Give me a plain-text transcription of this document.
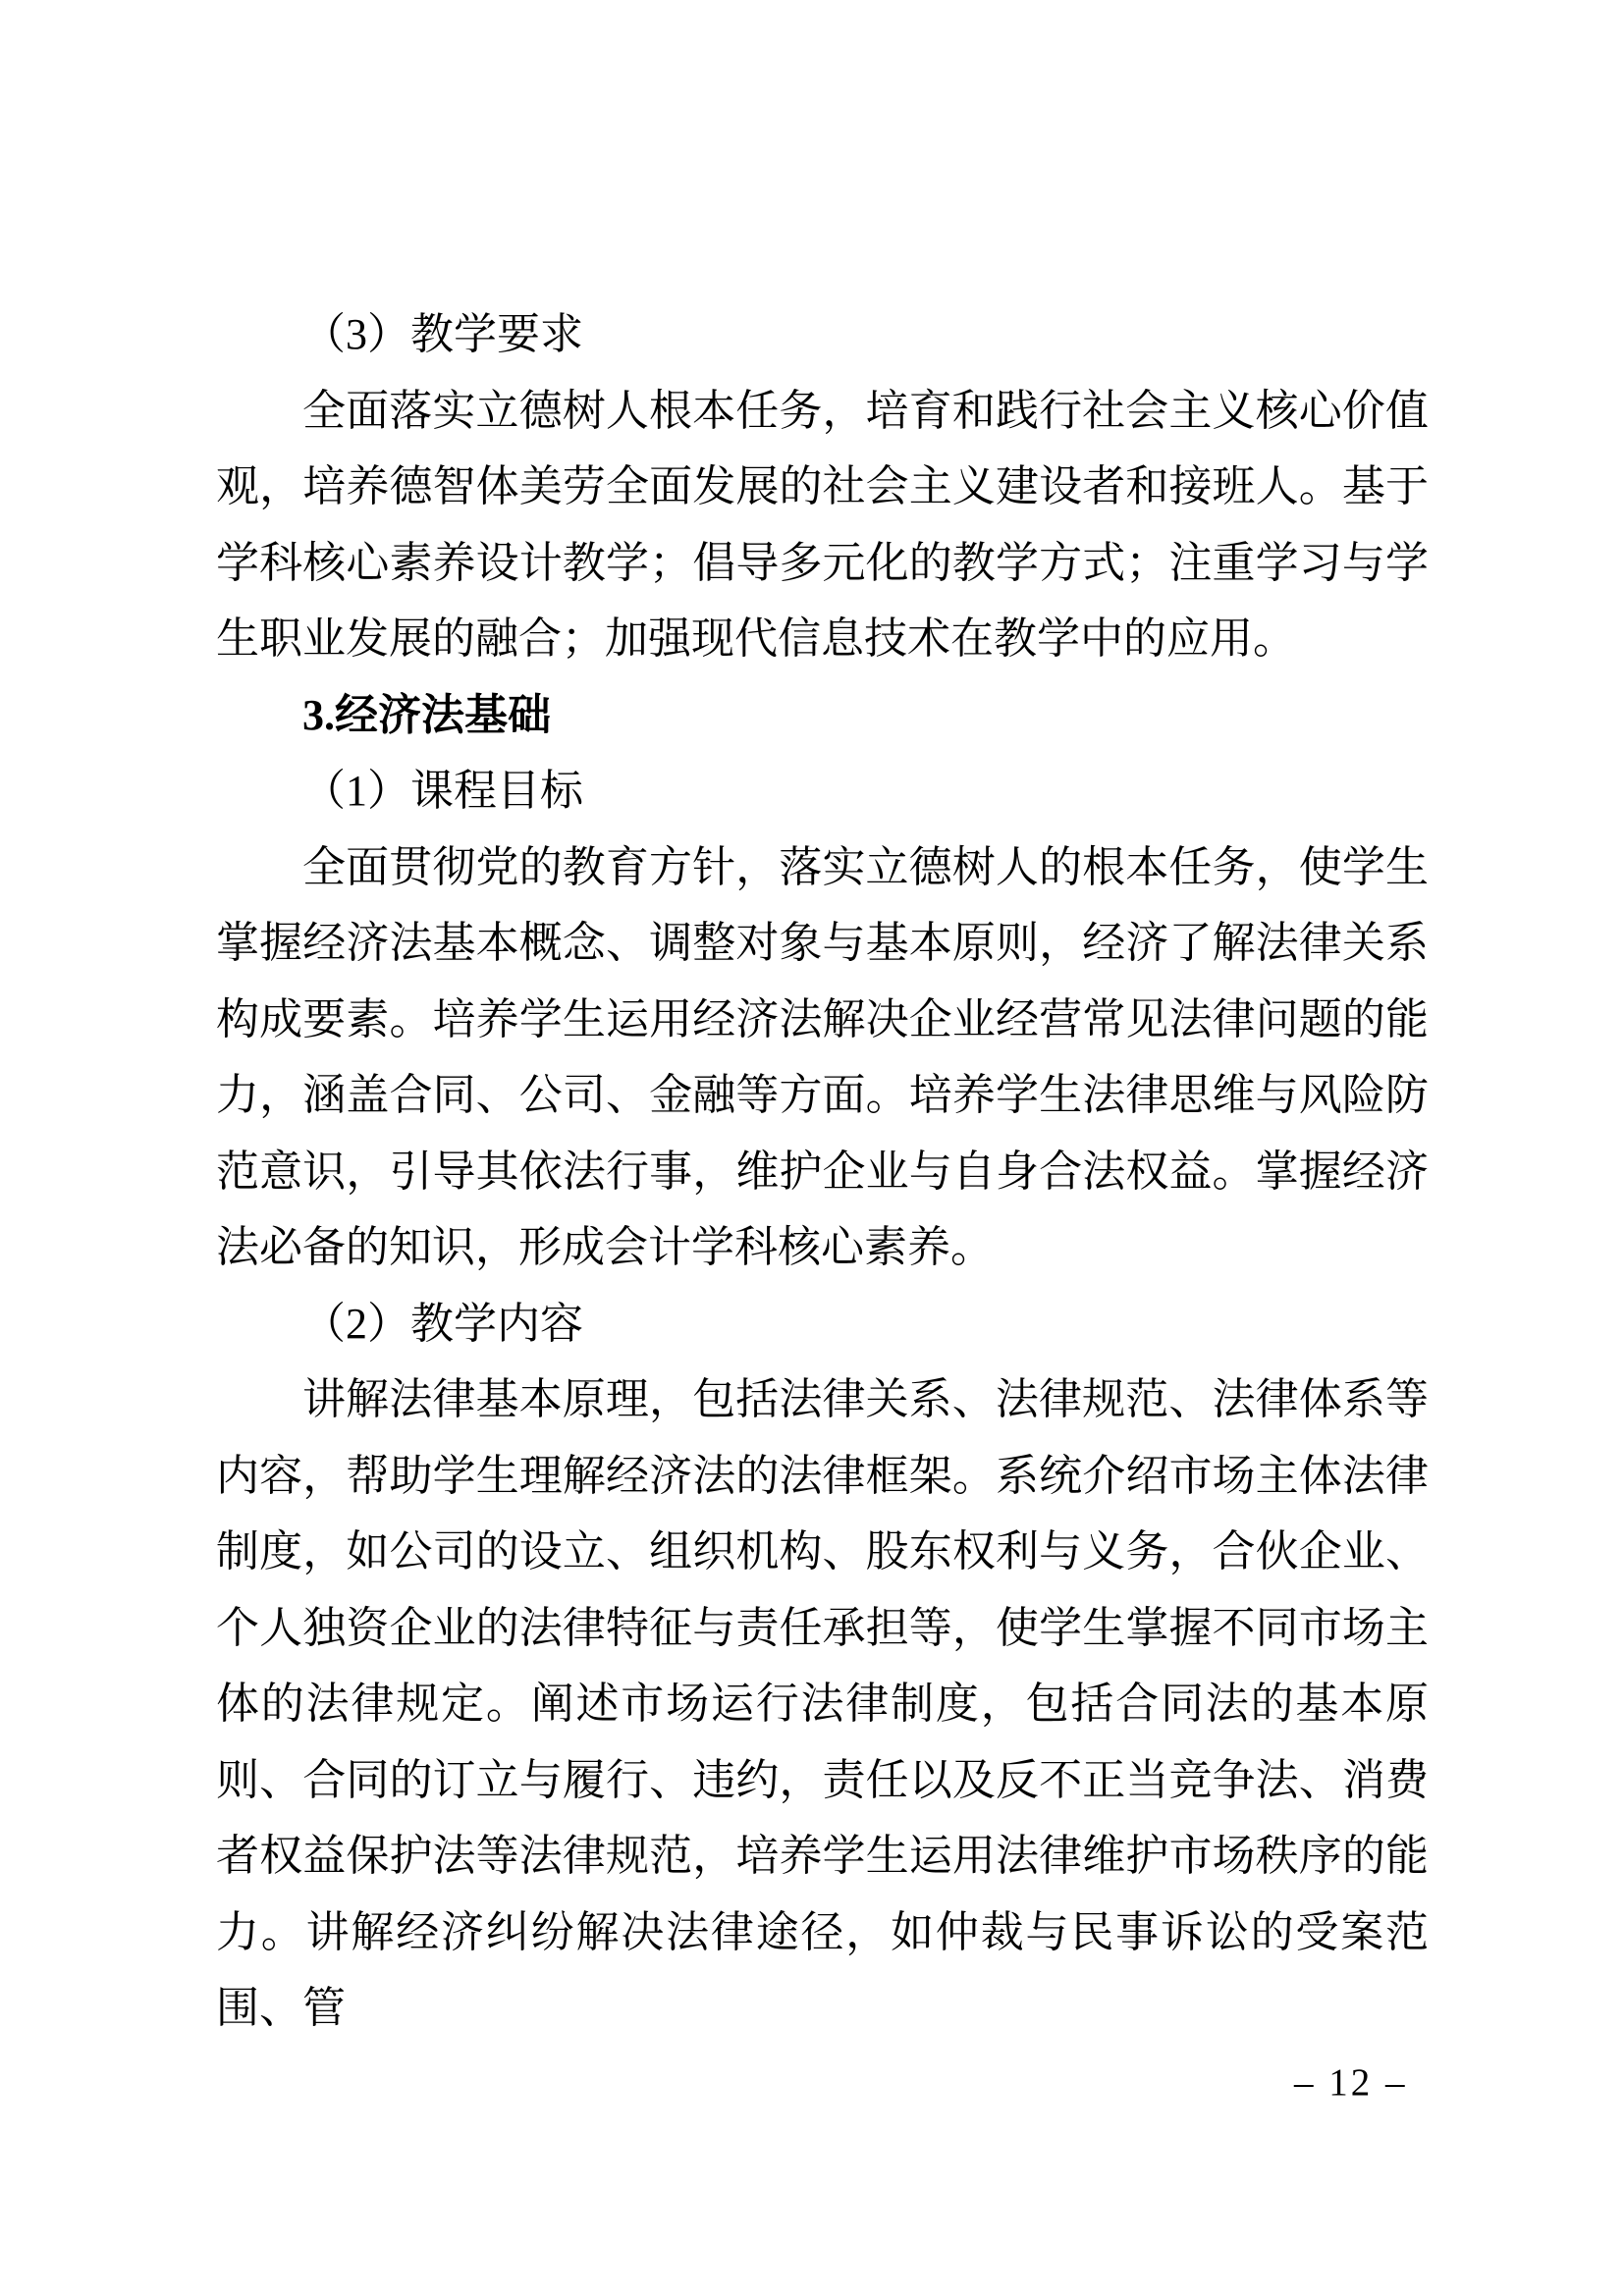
（3）教学要求

全面落实立德树人根本任务，培育和践行社会主义核心价值观，培养德智体美劳全面发展的社会主义建设者和接班人。基于学科核心素养设计教学；倡导多元化的教学方式；注重学习与学生职业发展的融合；加强现代信息技术在教学中的应用。

3.经济法基础

（1）课程目标

全面贯彻党的教育方针，落实立德树人的根本任务，使学生掌握经济法基本概念、调整对象与基本原则，经济了解法律关系构成要素。培养学生运用经济法解决企业经营常见法律问题的能力，涵盖合同、公司、金融等方面。培养学生法律思维与风险防范意识，引导其依法行事，维护企业与自身合法权益。掌握经济法必备的知识，形成会计学科核心素养。

（2）教学内容

讲解法律基本原理，包括法律关系、法律规范、法律体系等内容，帮助学生理解经济法的法律框架。系统介绍市场主体法律制度，如公司的设立、组织机构、股东权利与义务，合伙企业、个人独资企业的法律特征与责任承担等，使学生掌握不同市场主体的法律规定。阐述市场运行法律制度，包括合同法的基本原则、合同的订立与履行、违约，责任以及反不正当竞争法、消费者权益保护法等法律规范，培养学生运用法律维护市场秩序的能力。讲解经济纠纷解决法律途径，如仲裁与民事诉讼的受案范围、管

– 12 –
